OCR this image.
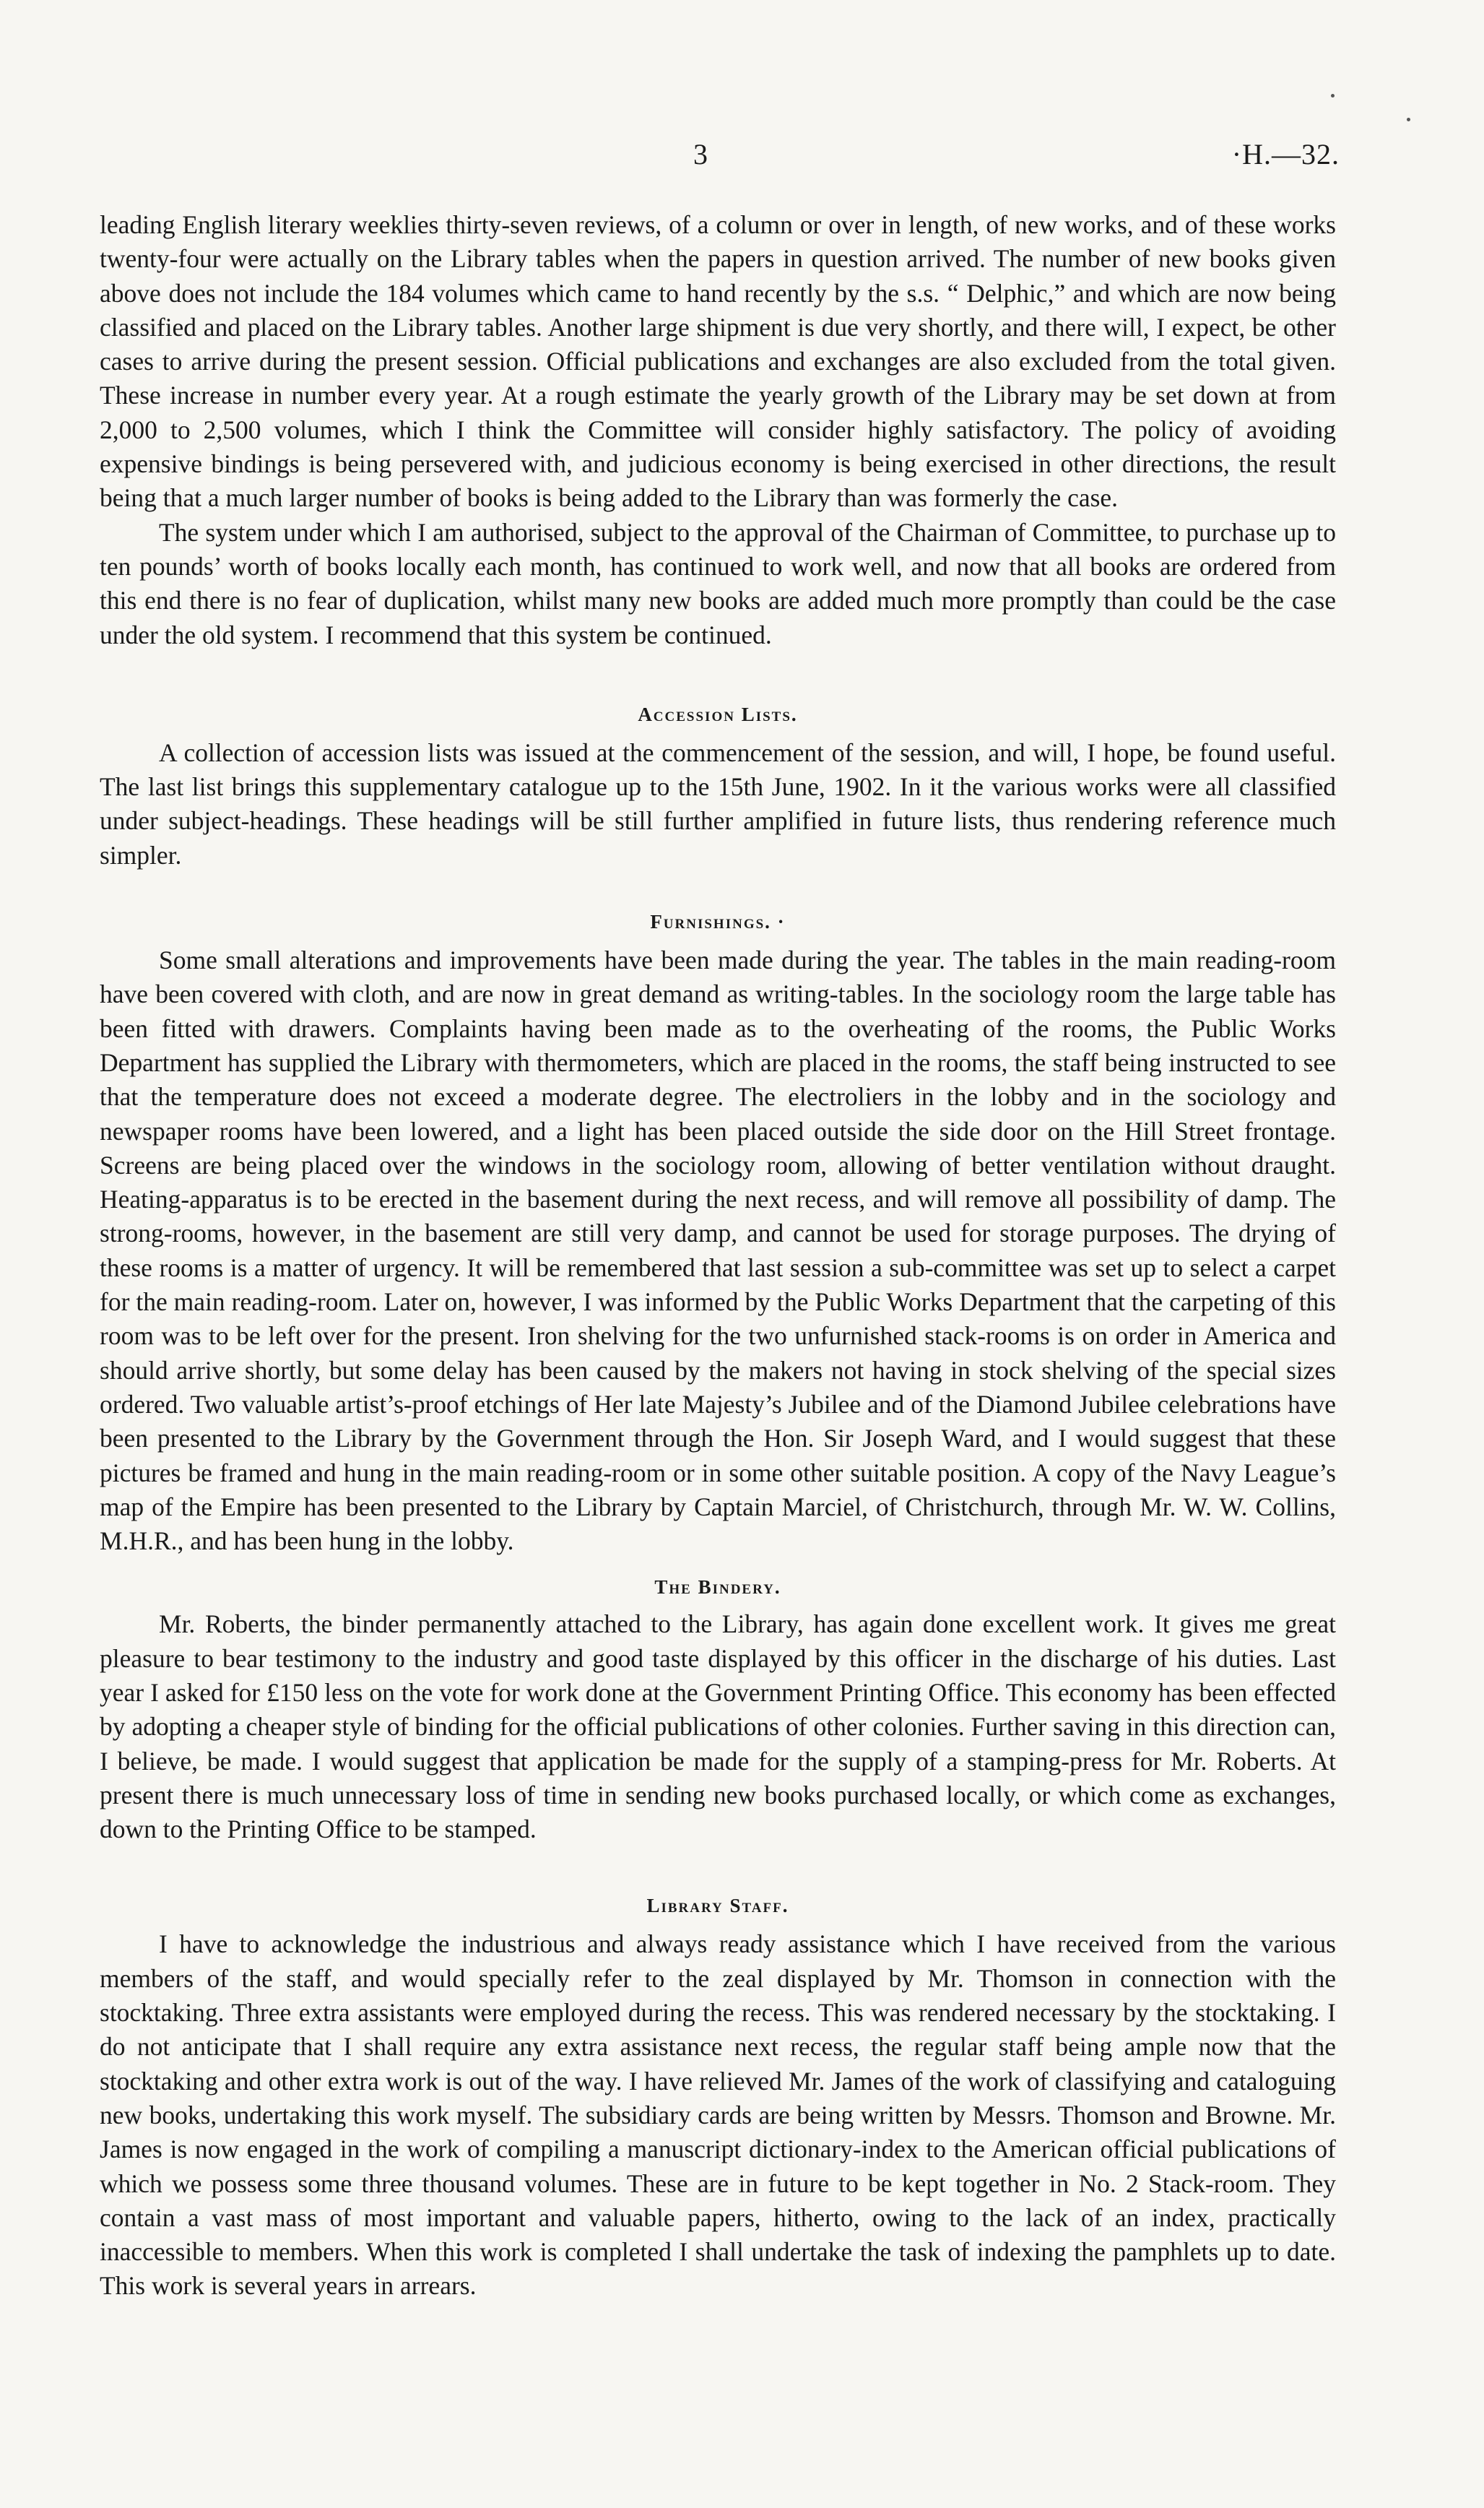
3	·H.—32.

leading English literary weeklies thirty-seven reviews, of a column or over in length, of new works, and of these works twenty-four were actually on the Library tables when the papers in question arrived. The number of new books given above does not include the 184 volumes which came to hand recently by the s.s. “ Delphic,” and which are now being classified and placed on the Library tables. Another large shipment is due very shortly, and there will, I expect, be other cases to arrive during the present session. Official publications and exchanges are also excluded from the total given. These increase in number every year. At a rough estimate the yearly growth of the Library may be set down at from 2,000 to 2,500 volumes, which I think the Committee will consider highly satisfactory. The policy of avoiding expensive bindings is being persevered with, and judicious economy is being exercised in other directions, the result being that a much larger number of books is being added to the Library than was formerly the case.

The system under which I am authorised, subject to the approval of the Chairman of Committee, to purchase up to ten pounds’ worth of books locally each month, has continued to work well, and now that all books are ordered from this end there is no fear of duplication, whilst many new books are added much more promptly than could be the case under the old system. I recommend that this system be continued.

Accession Lists.

A collection of accession lists was issued at the commencement of the session, and will, I hope, be found useful. The last list brings this supplementary catalogue up to the 15th June, 1902. In it the various works were all classified under subject-headings. These headings will be still further amplified in future lists, thus rendering reference much simpler.

Furnishings. ·

Some small alterations and improvements have been made during the year. The tables in the main reading-room have been covered with cloth, and are now in great demand as writing-tables. In the sociology room the large table has been fitted with drawers. Complaints having been made as to the overheating of the rooms, the Public Works Department has supplied the Library with thermometers, which are placed in the rooms, the staff being instructed to see that the temperature does not exceed a moderate degree. The electroliers in the lobby and in the sociology and newspaper rooms have been lowered, and a light has been placed outside the side door on the Hill Street frontage. Screens are being placed over the windows in the sociology room, allowing of better ventilation without draught. Heating-apparatus is to be erected in the basement during the next recess, and will remove all possibility of damp. The strong-rooms, however, in the basement are still very damp, and cannot be used for storage purposes. The drying of these rooms is a matter of urgency. It will be remembered that last session a sub-committee was set up to select a carpet for the main reading-room. Later on, however, I was informed by the Public Works Department that the carpeting of this room was to be left over for the present. Iron shelving for the two unfurnished stack-rooms is on order in America and should arrive shortly, but some delay has been caused by the makers not having in stock shelving of the special sizes ordered. Two valuable artist’s-proof etchings of Her late Majesty’s Jubilee and of the Diamond Jubilee celebrations have been presented to the Library by the Government through the Hon. Sir Joseph Ward, and I would suggest that these pictures be framed and hung in the main reading-room or in some other suitable position. A copy of the Navy League’s map of the Empire has been presented to the Library by Captain Marciel, of Christchurch, through Mr. W. W. Collins, M.H.R., and has been hung in the lobby.

The Bindery.

Mr. Roberts, the binder permanently attached to the Library, has again done excellent work. It gives me great pleasure to bear testimony to the industry and good taste displayed by this officer in the discharge of his duties. Last year I asked for £150 less on the vote for work done at the Government Printing Office. This economy has been effected by adopting a cheaper style of binding for the official publications of other colonies. Further saving in this direction can, I believe, be made. I would suggest that application be made for the supply of a stamping-press for Mr. Roberts. At present there is much unnecessary loss of time in sending new books purchased locally, or which come as exchanges, down to the Printing Office to be stamped.

Library Staff.

I have to acknowledge the industrious and always ready assistance which I have received from the various members of the staff, and would specially refer to the zeal displayed by Mr. Thomson in connection with the stocktaking. Three extra assistants were employed during the recess. This was rendered necessary by the stocktaking. I do not anticipate that I shall require any extra assistance next recess, the regular staff being ample now that the stocktaking and other extra work is out of the way. I have relieved Mr. James of the work of classifying and cataloguing new books, undertaking this work myself. The subsidiary cards are being written by Messrs. Thomson and Browne. Mr. James is now engaged in the work of compiling a manuscript dictionary-index to the American official publications of which we possess some three thousand volumes. These are in future to be kept together in No. 2 Stack-room. They contain a vast mass of most important and valuable papers, hitherto, owing to the lack of an index, practically inaccessible to members. When this work is completed I shall undertake the task of indexing the pamphlets up to date. This work is several years in arrears.
